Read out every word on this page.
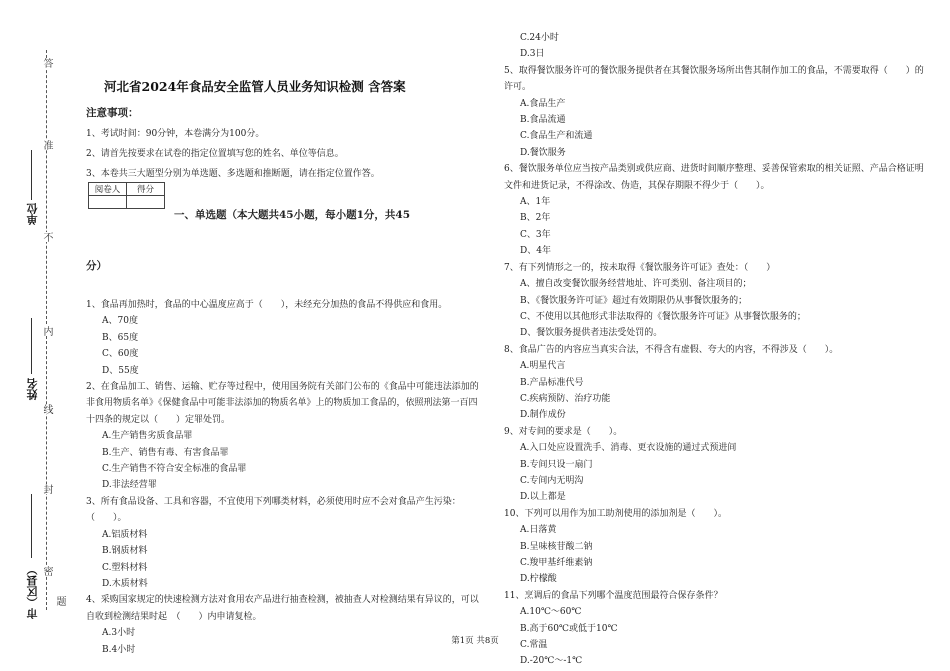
答
准
不
内
线
封
密
题
单位
姓名
市（区县）
河北省2024年食品安全监管人员业务知识检测 含答案
注意事项：
1、考试时间：90分钟，本卷满分为100分。
2、请首先按要求在试卷的指定位置填写您的姓名、单位等信息。
3、本卷共三大题型分别为单选题、多选题和推断题，请在指定位置作答。
阅卷人	得分

一、单选题（本大题共45小题，每小题1分，共45
分）

1、食品再加热时，食品的中心温度应高于（　　），未经充分加热的食品不得供应和食用。

A、70度

B、65度

C、60度

D、55度

2、在食品加工、销售、运输、贮存等过程中，使用国务院有关部门公布的《食品中可能违法添加的非食用物质名单》《保健食品中可能非法添加的物质名单》上的物质加工食品的，依照刑法第一百四十四条的规定以（　　）定罪处罚。

A.生产销售劣质食品罪

B.生产、销售有毒、有害食品罪

C.生产销售不符合安全标准的食品罪

D.非法经营罪

3、所有食品设备、工具和容器，不宜使用下列哪类材料，必须使用时应不会对食品产生污染：（　　）。

A.铝质材料

B.钢质材料

C.塑料材料

D.木质材料

4、采购国家规定的快速检测方法对食用农产品进行抽查检测，被抽查人对检测结果有异议的，可以自收到检测结果时起　（　　）内申请复检。

A.3小时

B.4小时

C.24小时

D.3日

5、取得餐饮服务许可的餐饮服务提供者在其餐饮服务场所出售其制作加工的食品，不需要取得（　　）的许可。

A.食品生产

B.食品流通

C.食品生产和流通

D.餐饮服务

6、餐饮服务单位应当按产品类别或供应商、进货时间顺序整理、妥善保管索取的相关证照、产品合格证明文件和进货记录，不得涂改、伪造，其保存期限不得少于（　　）。

A、1年

B、2年

C、3年

D、4年

7、有下列情形之一的，按未取得《餐饮服务许可证》查处：（　　）

A、擅自改变餐饮服务经营地址、许可类别、备注项目的；

B、《餐饮服务许可证》超过有效期限仍从事餐饮服务的；

C、不使用以其他形式非法取得的《餐饮服务许可证》从事餐饮服务的；

D、餐饮服务提供者违法受处罚的。

8、食品广告的内容应当真实合法，不得含有虚假、夸大的内容，不得涉及（　　）。

A.明星代言

B.产品标准代号

C.疾病预防、治疗功能

D.制作成份

9、对专间的要求是（　　）。

A.入口处应设置洗手、消毒、更衣设施的通过式预进间

B.专间只设一扇门

C.专间内无明沟

D.以上都是

10、下列可以用作为加工助剂使用的添加剂是（　　）。

A.日落黄

B.呈味核苷酸二钠

C.羧甲基纤维素钠

D.柠檬酸

11、烹调后的食品下列哪个温度范围最符合保存条件？

A.10℃～60℃

B.高于60℃或低于10℃

C.常温

D.-20℃～-1℃

第1页 共8页
